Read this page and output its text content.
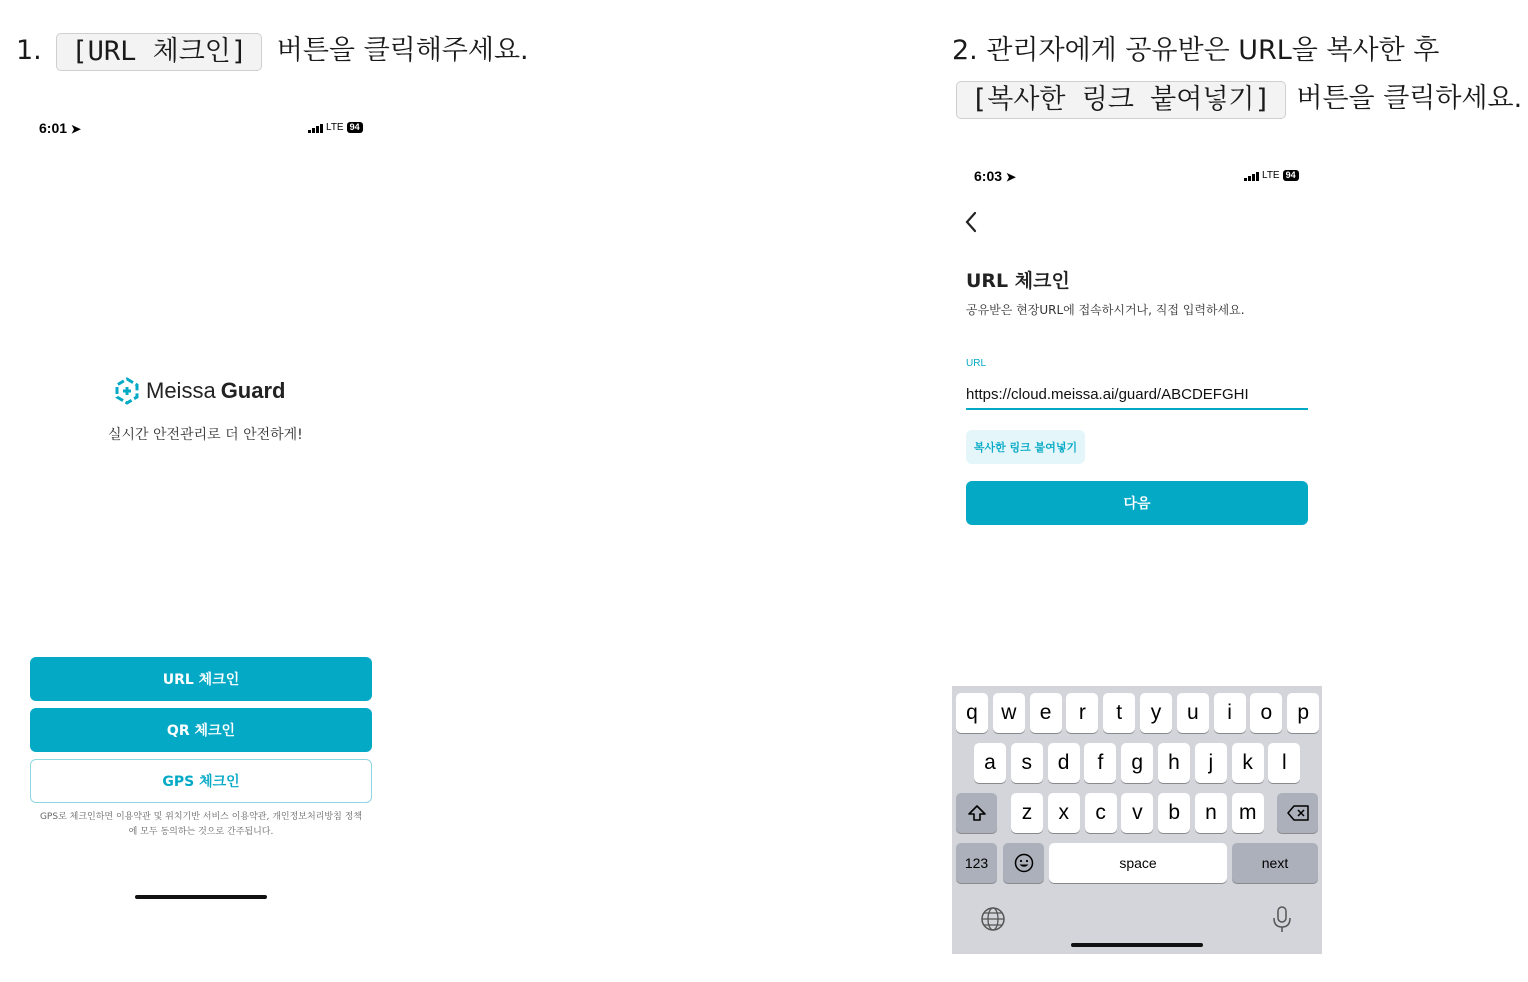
1. [URL 체크인] 버튼을 클릭해주세요.	2. 관리자에게 공유받은 URL을 복사한 후
[복사한 링크 붙여넣기] 버튼을 클릭하세요.
6:01 ➤	LTE 94
Meissa Guard
실시간 안전관리로 더 안전하게!
URL 체크인
QR 체크인
GPS 체크인
GPS로 체크인하면 이용약관 및 위치기반 서비스 이용약관, 개인정보처리방침 정책
에 모두 동의하는 것으로 간주됩니다.
6:03 ➤	LTE 94
URL 체크인
공유받은 현장URL에 접속하시거나, 직접 입력하세요.
URL
https://cloud.meissa.ai/guard/ABCDEFGHI
복사한 링크 붙여넣기
다음
q	w	e	r	t	y	u	i	o	p
a	s	d	f	g	h	j	k	l
z	x	c	v	b	n	m
123	space	next
